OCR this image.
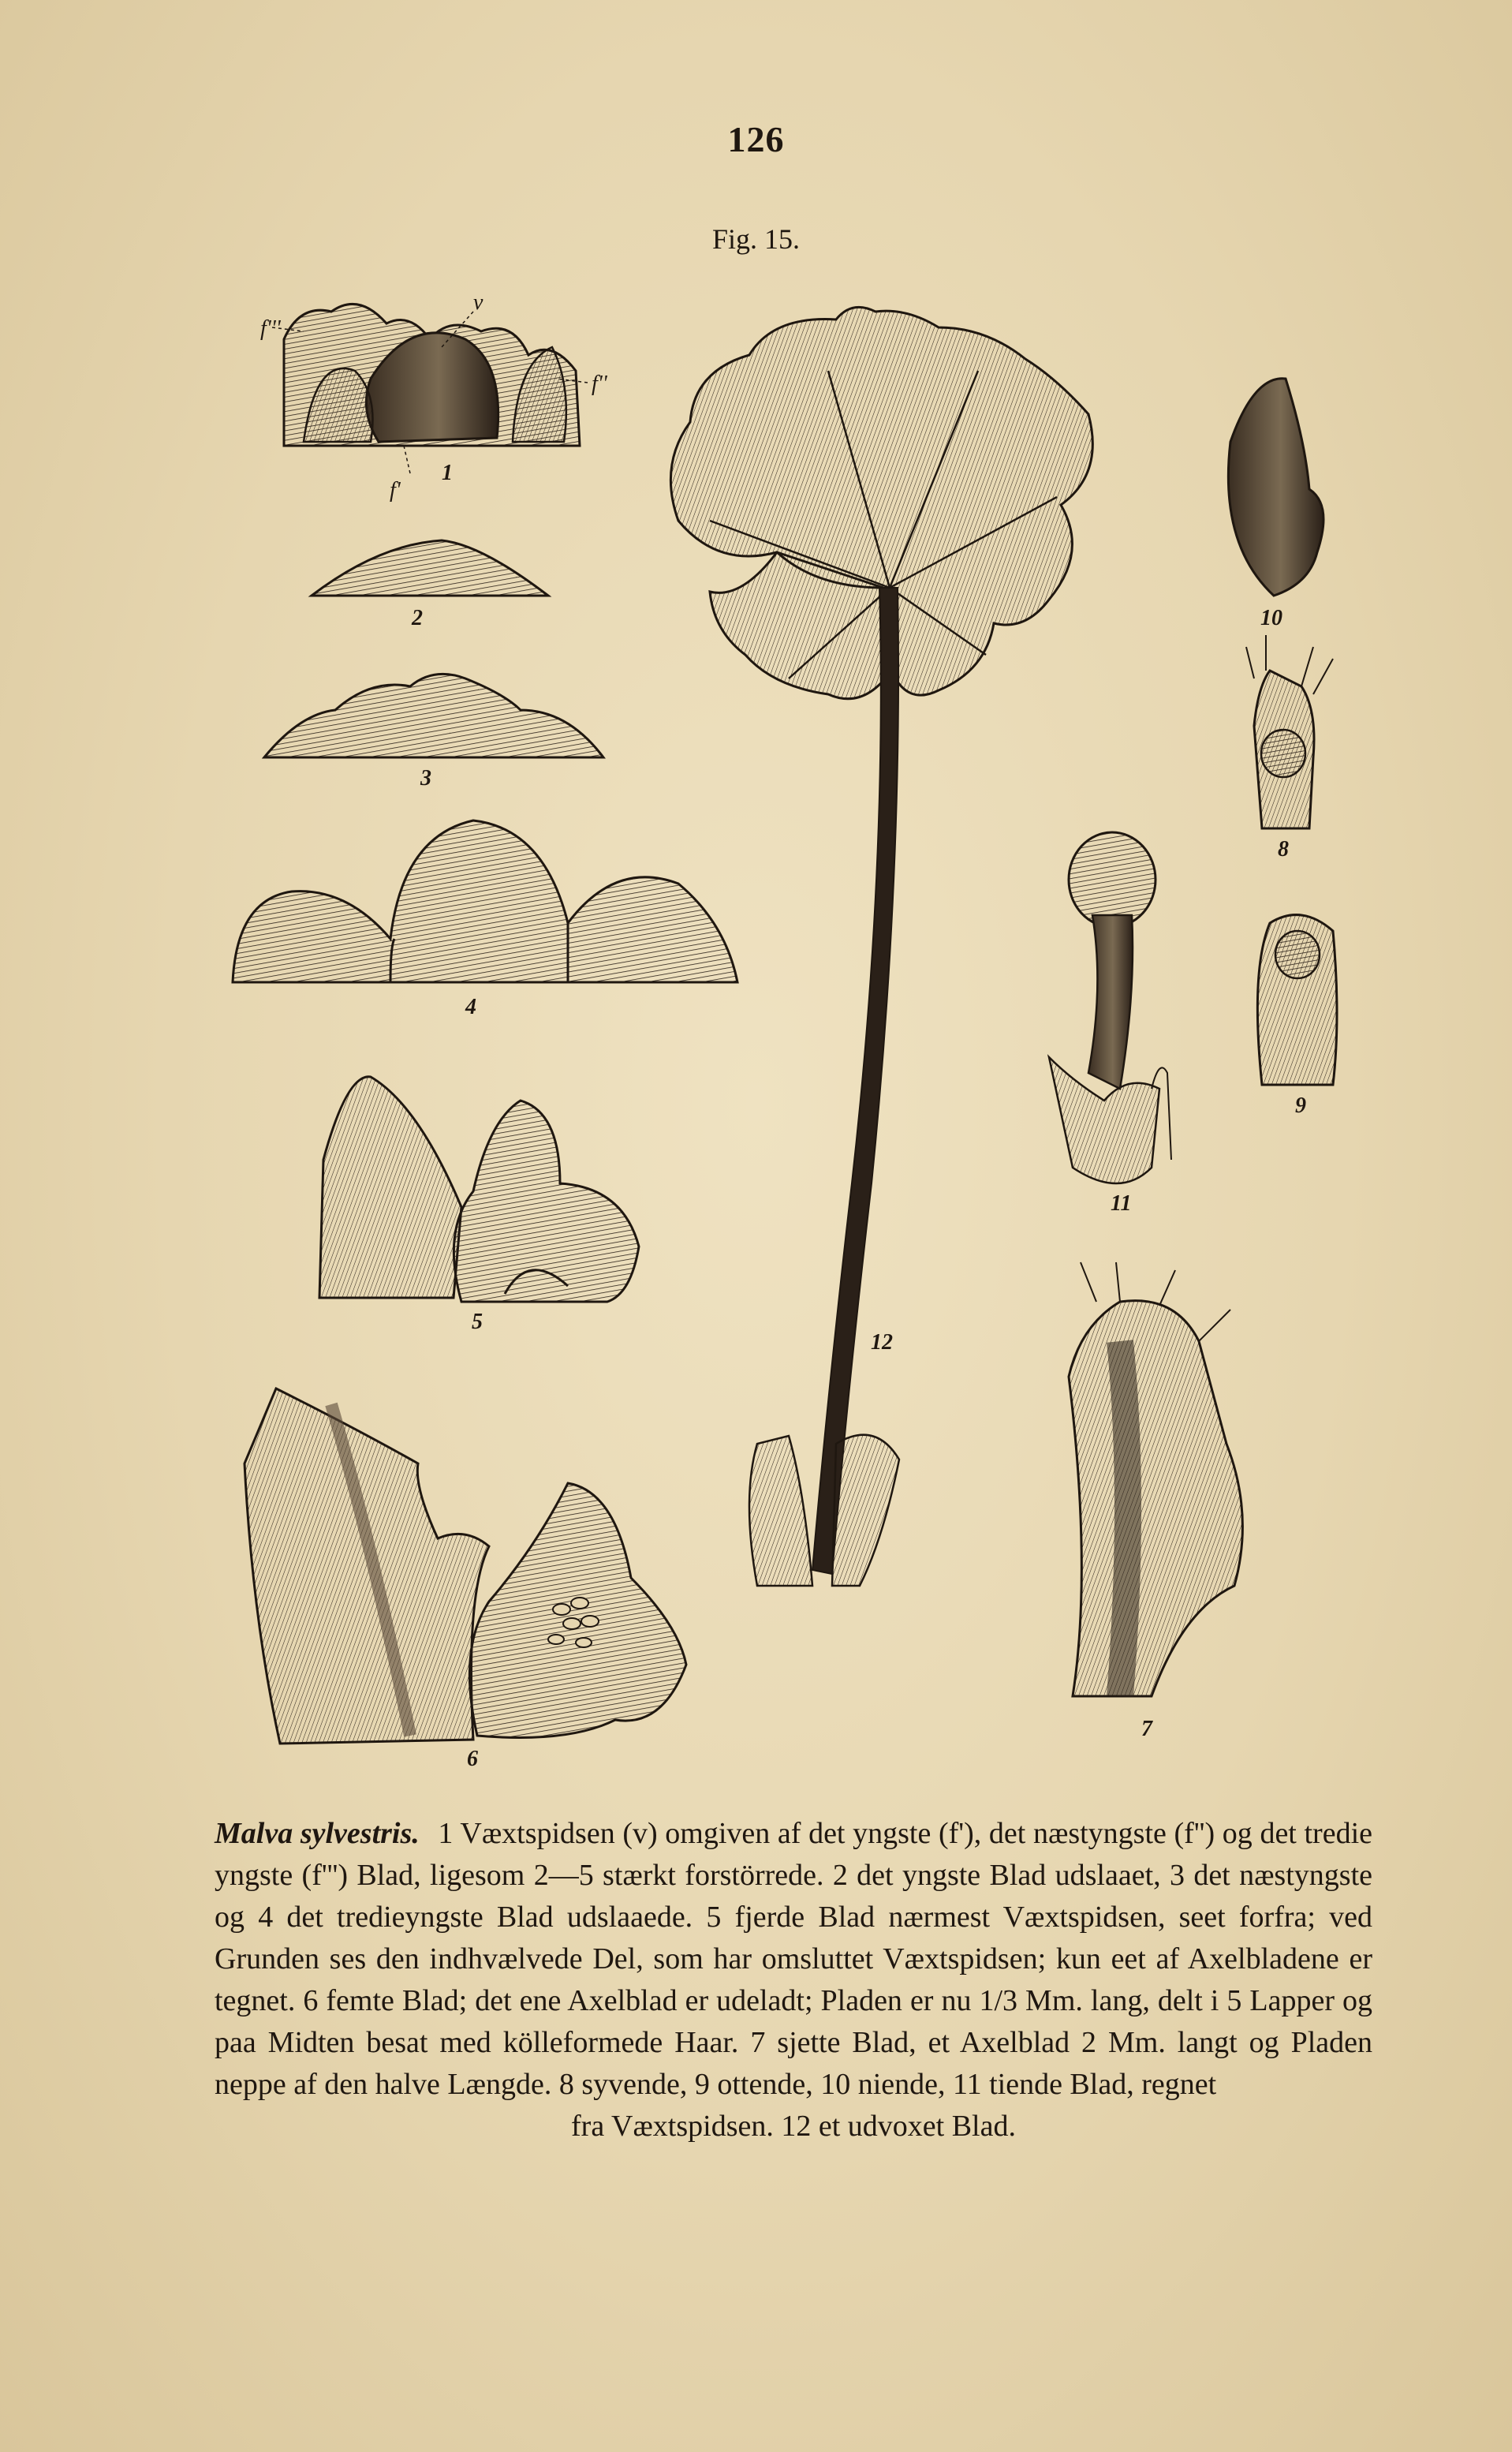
126
Fig. 15.
f'''
v
f''
f'
1
2
3
4
5
6
12
10
8
11
9
7
Malva sylvestris. 1 Væxtspidsen (v) omgiven af det yngste (f'), det næstyngste (f'') og det tredie yngste (f''') Blad, ligesom 2—5 stærkt forstörrede. 2 det yngste Blad udslaaet, 3 det næstyngste og 4 det tredieyngste Blad udslaaede. 5 fjerde Blad nærmest Væxtspidsen, seet forfra; ved Grunden ses den indhvælvede Del, som har omsluttet Væxtspidsen; kun eet af Axelbladene er tegnet. 6 femte Blad; det ene Axelblad er udeladt; Pladen er nu 1/3 Mm. lang, delt i 5 Lapper og paa Midten besat med kölleformede Haar. 7 sjette Blad, et Axelblad 2 Mm. langt og Pladen neppe af den halve Længde. 8 syvende, 9 ottende, 10 niende, 11 tiende Blad, regnet
fra Væxtspidsen. 12 et udvoxet Blad.
